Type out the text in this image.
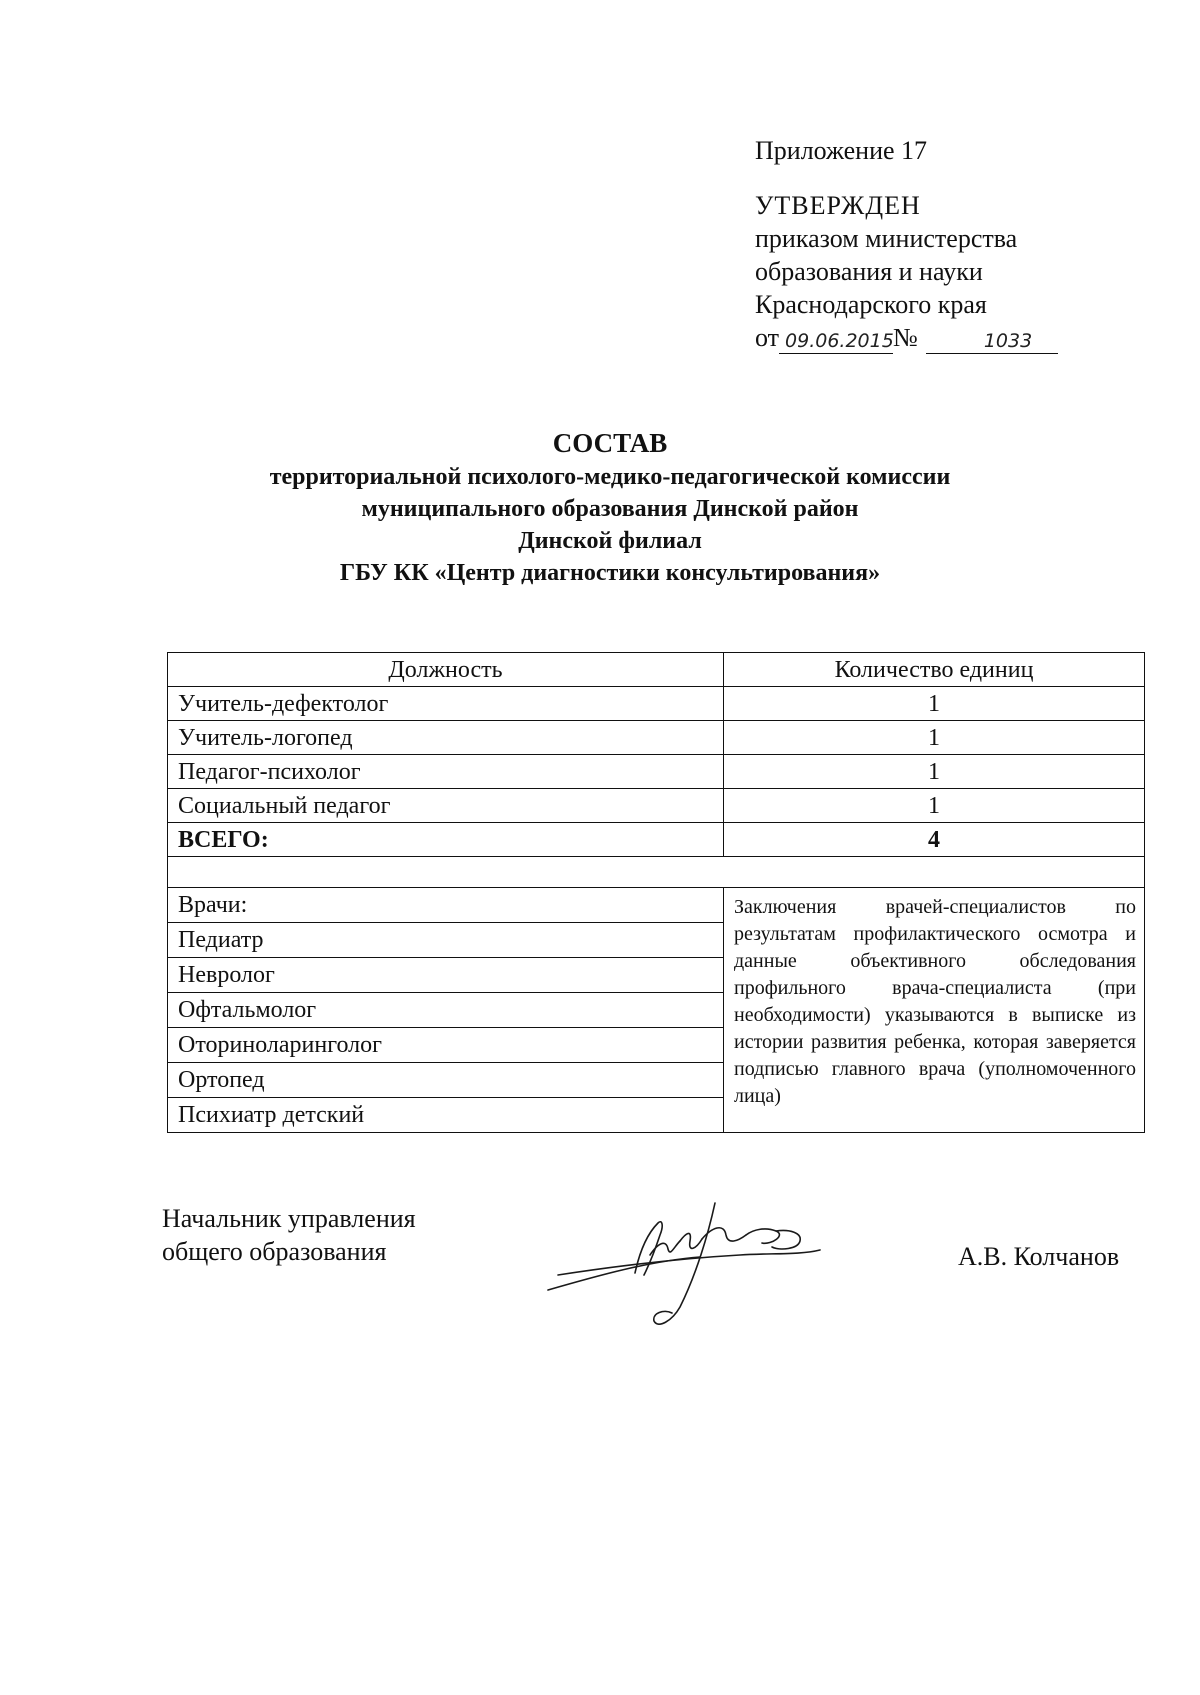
Приложение 17
УТВЕРЖДЕН
приказом министерства
образования и науки
Краснодарского края
от 09.06.2015 №	1033
СОСТАВ
территориальной психолого-медико-педагогической комиссии
муниципального образования Динской район
Динской филиал
ГБУ КК «Центр диагностики консультирования»
Должность	Количество единиц
Учитель-дефектолог	1
Учитель-логопед	1
Педагог-психолог	1
Социальный педагог	1
ВСЕГО:	4

Врачи:	Заключения врачей-специалистов по результатам профилактического осмотра и данные объективного обследования профильного врача-специалиста (при необходимости) указываются в выписке из истории развития ребенка, которая заверяется подписью главного врача (уполномоченного лица)
Педиатр	
Невролог	
Офтальмолог	
Оториноларинголог	
Ортопед	
Психиатр детский	
Начальник управления
общего образования	А.В. Колчанов
